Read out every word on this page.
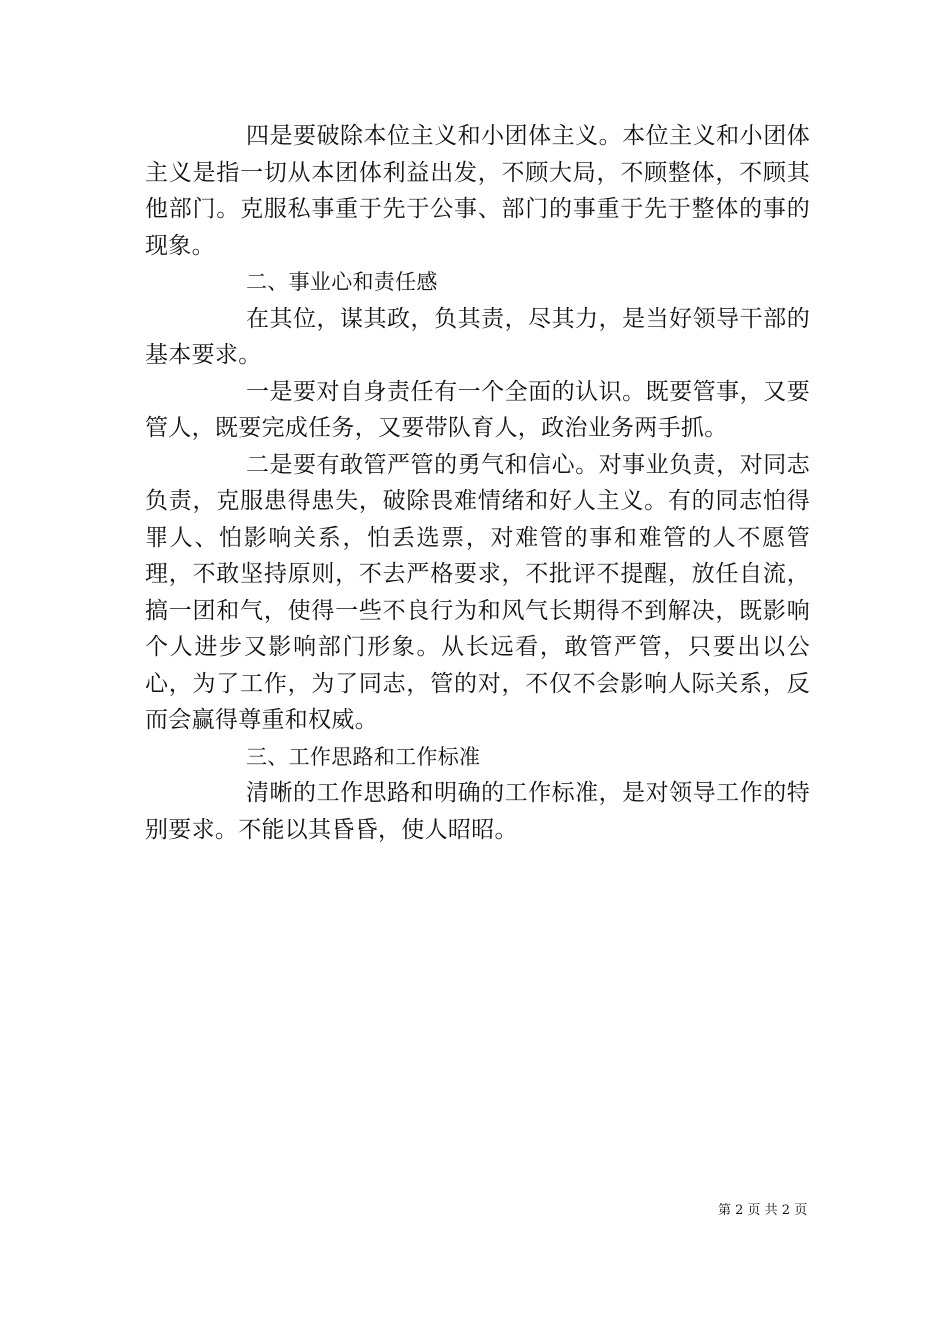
四是要破除本位主义和小团体主义。本位主义和小团体主义是指一切从本团体利益出发，不顾大局，不顾整体，不顾其他部门。克服私事重于先于公事、部门的事重于先于整体的事的现象。

二、事业心和责任感

在其位，谋其政，负其责，尽其力，是当好领导干部的基本要求。

一是要对自身责任有一个全面的认识。既要管事，又要管人，既要完成任务，又要带队育人，政治业务两手抓。

二是要有敢管严管的勇气和信心。对事业负责，对同志负责，克服患得患失，破除畏难情绪和好人主义。有的同志怕得罪人、怕影响关系，怕丢选票，对难管的事和难管的人不愿管理，不敢坚持原则，不去严格要求，不批评不提醒，放任自流，搞一团和气，使得一些不良行为和风气长期得不到解决，既影响个人进步又影响部门形象。从长远看，敢管严管，只要出以公心，为了工作，为了同志，管的对，不仅不会影响人际关系，反而会赢得尊重和权威。

三、工作思路和工作标准

清晰的工作思路和明确的工作标准，是对领导工作的特别要求。不能以其昏昏，使人昭昭。

第 2 页 共 2 页
